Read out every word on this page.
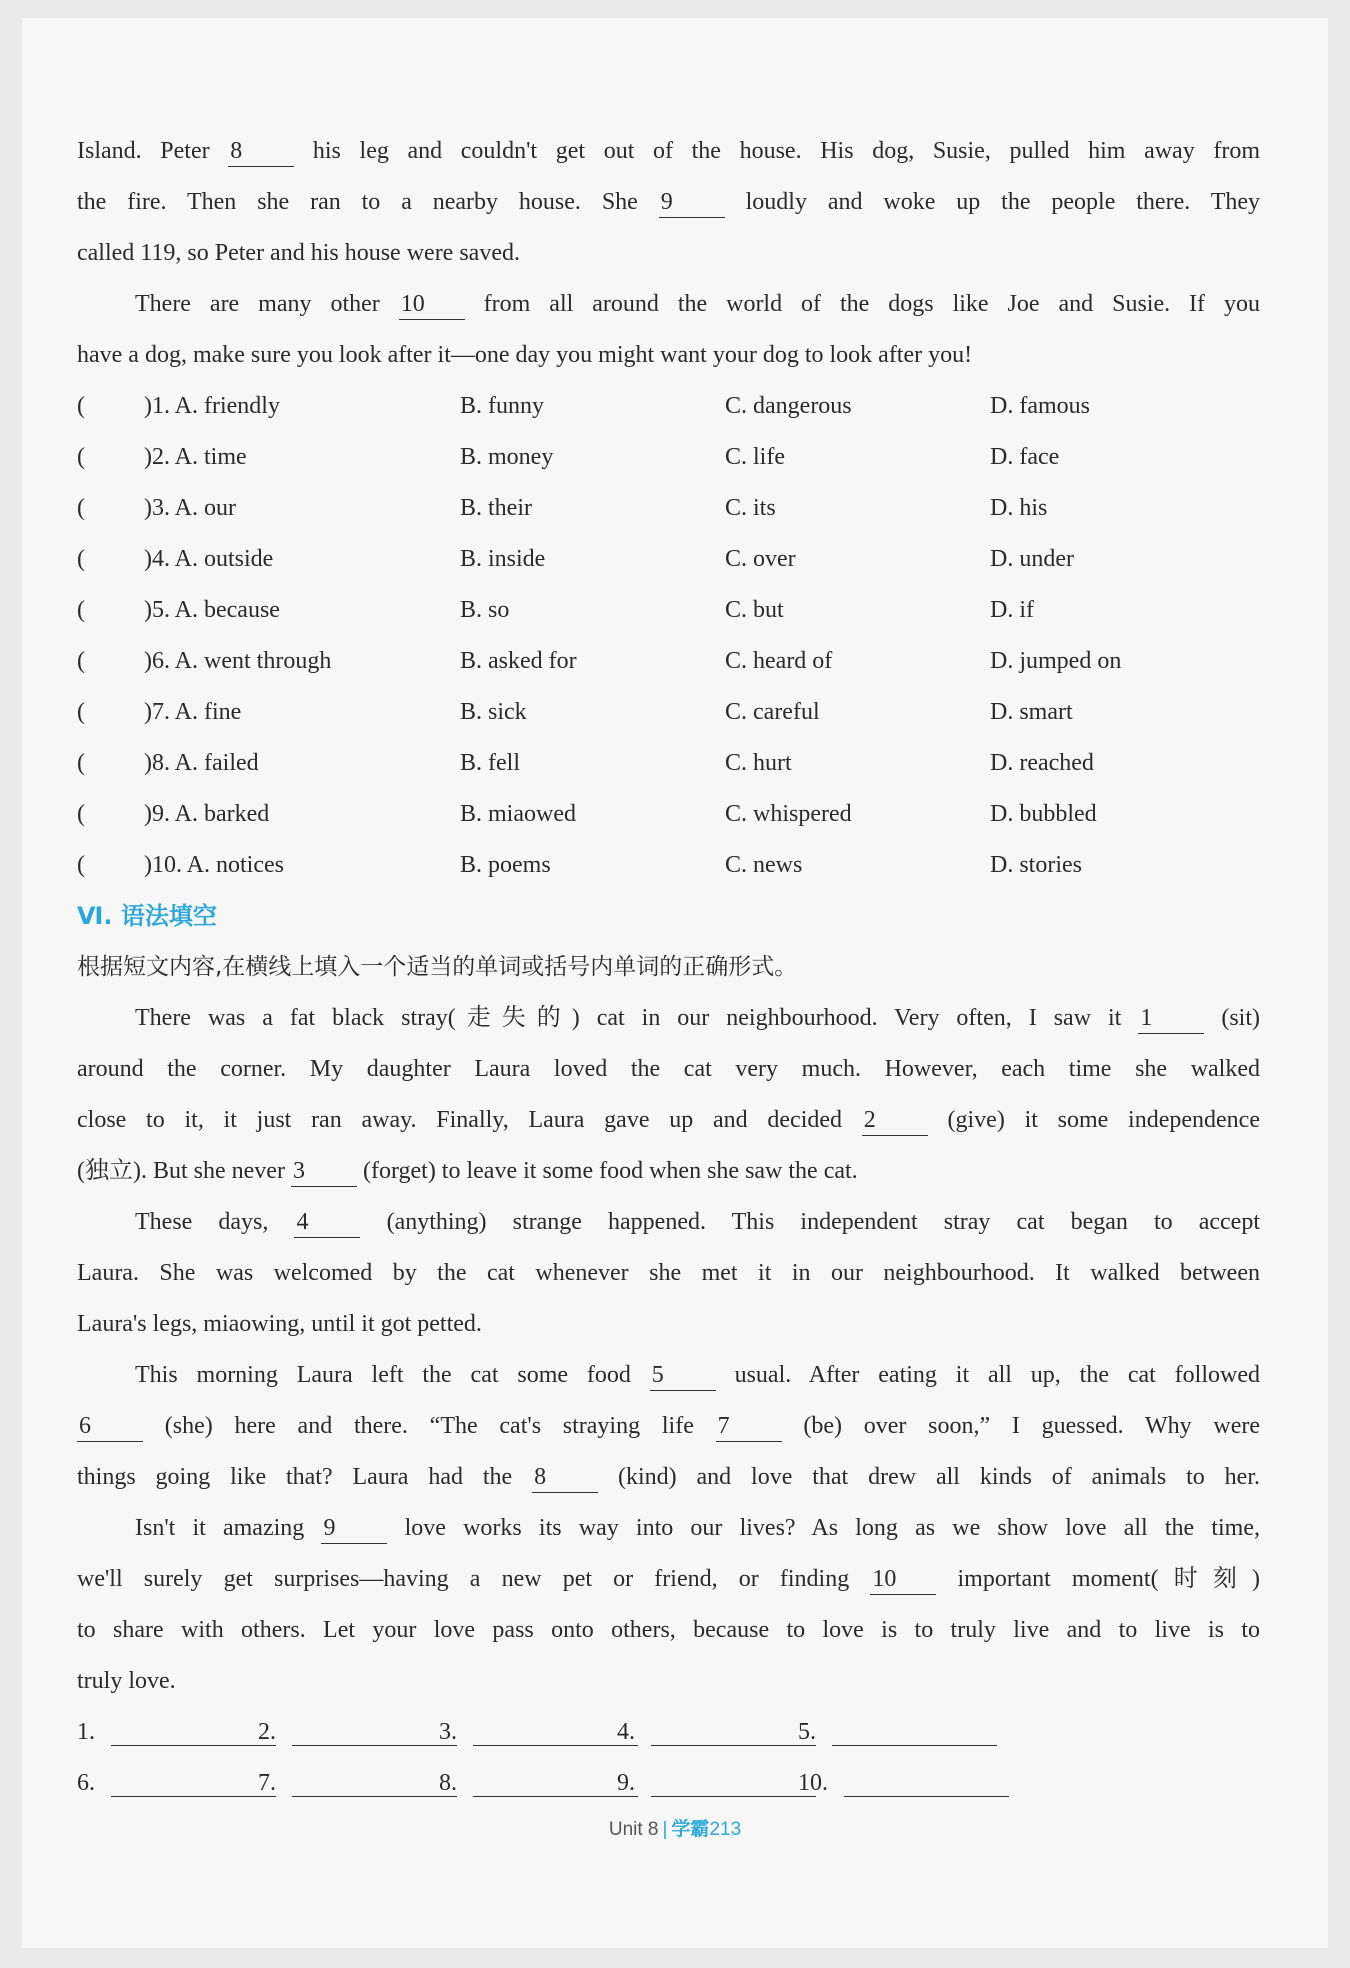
Island. Peter 8 his leg and couldn't get out of the house. His dog, Susie, pulled him away from
the fire. Then she ran to a nearby house. She 9 loudly and woke up the people there. They
called 119, so Peter and his house were saved.
There are many other 10 from all around the world of the dogs like Joe and Susie. If you
have a dog, make sure you look after it—one day you might want your dog to look after you!
( )1. A. friendly	B. funny	C. dangerous	D. famous
( )2. A. time	B. money	C. life	D. face
( )3. A. our	B. their	C. its	D. his
( )4. A. outside	B. inside	C. over	D. under
( )5. A. because	B. so	C. but	D. if
( )6. A. went through	B. asked for	C. heard of	D. jumped on
( )7. A. fine	B. sick	C. careful	D. smart
( )8. A. failed	B. fell	C. hurt	D. reached
( )9. A. barked	B. miaowed	C. whispered	D. bubbled
( )10. A. notices	B. poems	C. news	D. stories
Ⅵ. 语法填空
根据短文内容,在横线上填入一个适当的单词或括号内单词的正确形式。
There was a fat black stray(走失的) cat in our neighbourhood. Very often, I saw it 1 (sit)
around the corner. My daughter Laura loved the cat very much. However, each time she walked
close to it, it just ran away. Finally, Laura gave up and decided 2 (give) it some independence
(独立). But she never 3 (forget) to leave it some food when she saw the cat.
These days, 4 (anything) strange happened. This independent stray cat began to accept
Laura. She was welcomed by the cat whenever she met it in our neighbourhood. It walked between
Laura's legs, miaowing, until it got petted.
This morning Laura left the cat some food 5 usual. After eating it all up, the cat followed
6 (she) here and there. “The cat's straying life 7 (be) over soon,” I guessed. Why were
things going like that? Laura had the 8 (kind) and love that drew all kinds of animals to her.
Isn't it amazing 9 love works its way into our lives? As long as we show love all the time,
we'll surely get surprises—having a new pet or friend, or finding 10 important moment(时刻)
to share with others. Let your love pass onto others, because to love is to truly live and to live is to
truly love.
1.	2.	3.	4.	5.
6.	7.	8.	9.	10.
Unit 8 | 学霸213
